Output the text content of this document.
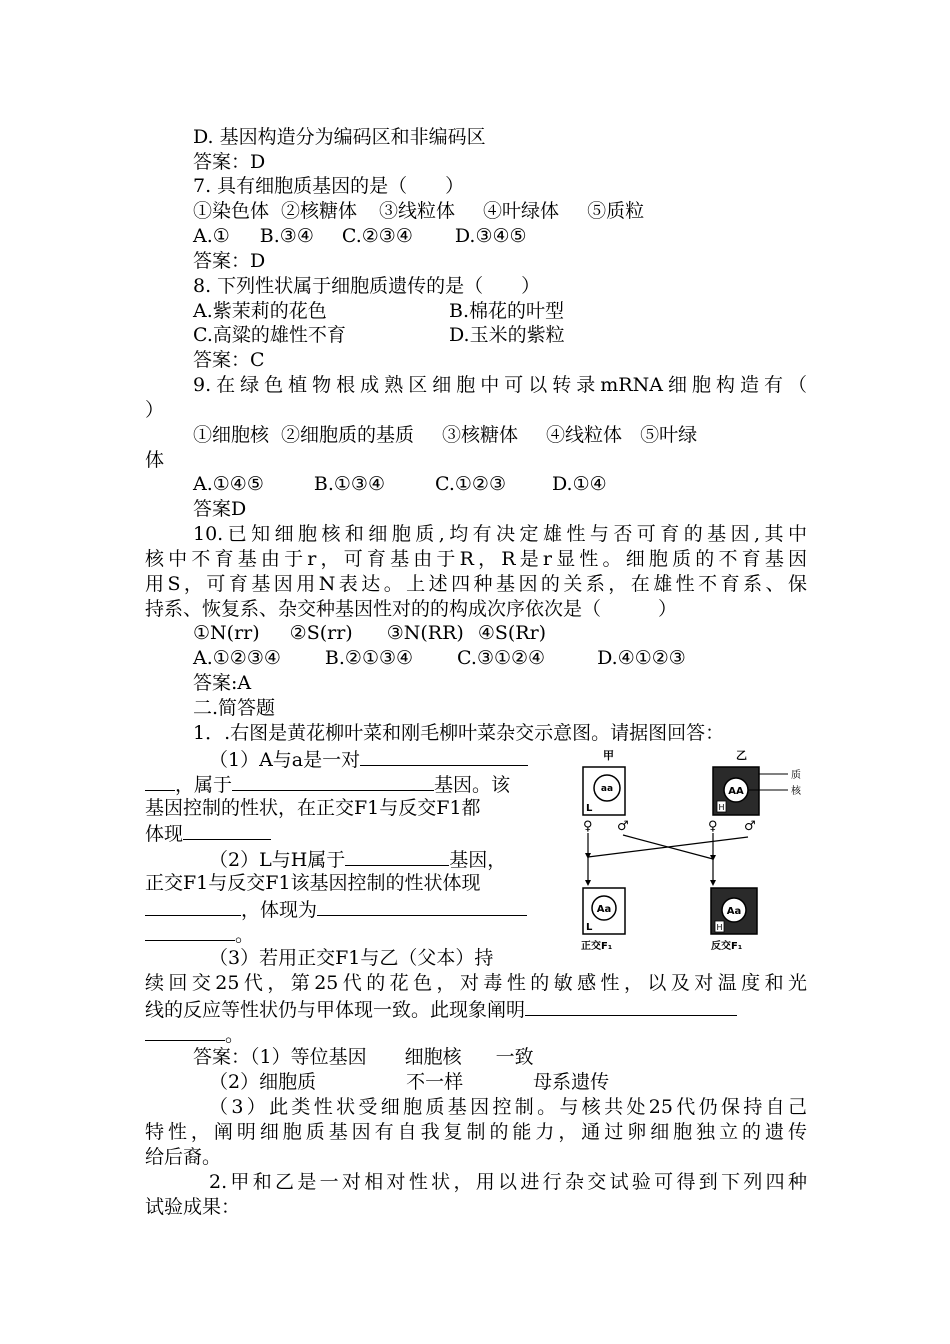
D. 基因构造分为编码区和非编码区
答案：D
7. 具有细胞质基因的是（　　）
①染色体 ②核糖体 ③线粒体 ④叶绿体 ⑤质粒
A.① B.③④ C.②③④ D.③④⑤
答案：D
8. 下列性状属于细胞质遗传的是（　　）
A.紫茉莉的花色	B.棉花的叶型
C.高粱的雄性不育	D.玉米的紫粒
答案：C
9.在绿色植物根成熟区细胞中可以转录mRNA细胞构造有（
）
①细胞核 ②细胞质的基质 ③核糖体 ④线粒体 ⑤叶绿
体
A.①④⑤	B.①③④	C.①②③ D.①④
答案D
10.已知细胞核和细胞质,均有决定雄性与否可育的基因,其中
核中不育基由于r，可育基由于R，R是r显性。细胞质的不育基因
用S，可育基因用N表达。上述四种基因的关系，在雄性不育系、保
持系、恢复系、杂交种基因性对的的构成次序依次是（　　　）
①N(rr) ②S(rr) ③N(RR) ④S(Rr)
A.①②③④ B.②①③④ C.③①②④	D.④①②③
答案:A
二.简答题
1．.右图是黄花柳叶菜和刚毛柳叶菜杂交示意图。请据图回答：
（1）A与a是一对
，属于	基因。该
基因控制的性状，在正交F1与反交F1都
体现
（2）L与H属于	基因，
正交F1与反交F1该基因控制的性状体现
，体现为
。
（3）若用正交F1与乙（父本）持
续回交25代，第25代的花色，对毒性的敏感性，以及对温度和光
线的反应等性状仍与甲体现一致。此现象阐明
。
答案：（1）等位基因 细胞核 一致
（2）细胞质	不一样	母系遗传
（3）此类性状受细胞质基因控制。与核共处25代仍保持自己
特性，阐明细胞质基因有自我复制的能力，通过卵细胞独立的遗传
给后裔。
2.甲和乙是一对相对性状，用以进行杂交试验可得到下列四种
试验成果：
甲	乙
aa
L
AA
H
质
核
♀ ♂	♀ ♂
Aa
L
Aa
H
正交F₁	反交F₁
